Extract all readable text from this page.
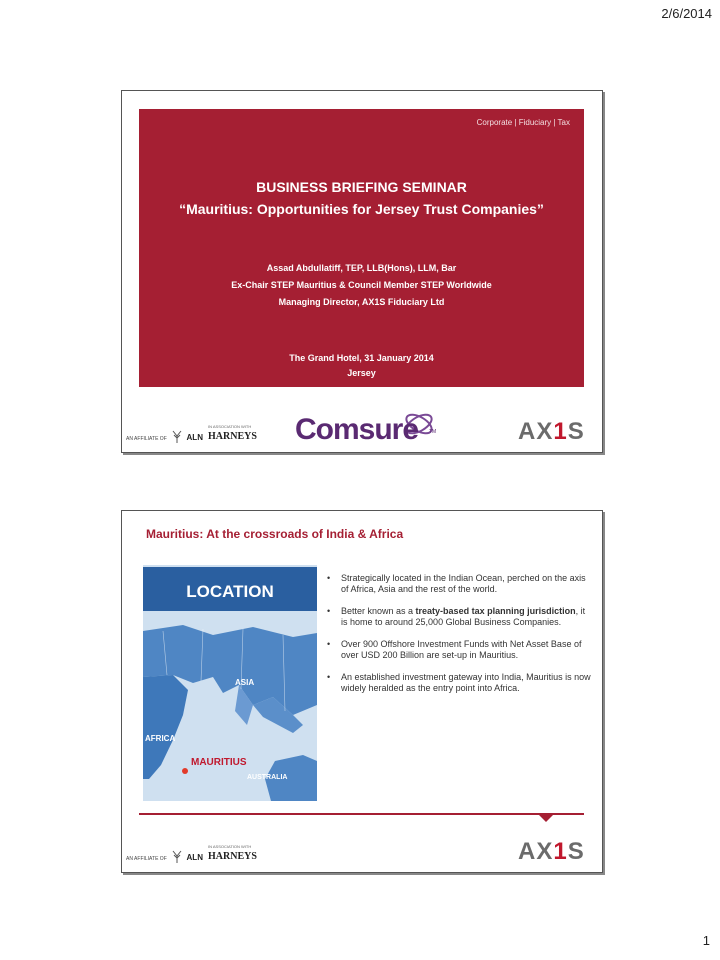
2/6/2014
Corporate | Fiduciary | Tax
BUSINESS BRIEFING SEMINAR
“Mauritius: Opportunities for Jersey Trust Companies”
Assad Abdullatiff, TEP, LLB(Hons), LLM, Bar
Ex-Chair STEP Mauritius & Council Member STEP Worldwide
Managing Director, AX1S Fiduciary Ltd
The Grand Hotel, 31 January 2014
Jersey
AN AFFILIATE OF ALN
IN ASSOCIATION WITH
HARNEYS Comsure TM	AX1S
Mauritius: At the crossroads of India & Africa
LOCATION
ASIA
AFRICA
MAURITIUS
AUSTRALIA
• Strategically located in the Indian Ocean, perched on the axis of Africa, Asia and the rest of the world.
• Better known as a treaty-based tax planning jurisdiction, it is home to around 25,000 Global Business Companies.
• Over 900 Offshore Investment Funds with Net Asset Base of over USD 200 Billion are set-up in Mauritius.
• An established investment gateway into India, Mauritius is now widely heralded as the entry point into Africa.
AN AFFILIATE OF ALN
IN ASSOCIATION WITH
HARNEYS	AX1S
1
